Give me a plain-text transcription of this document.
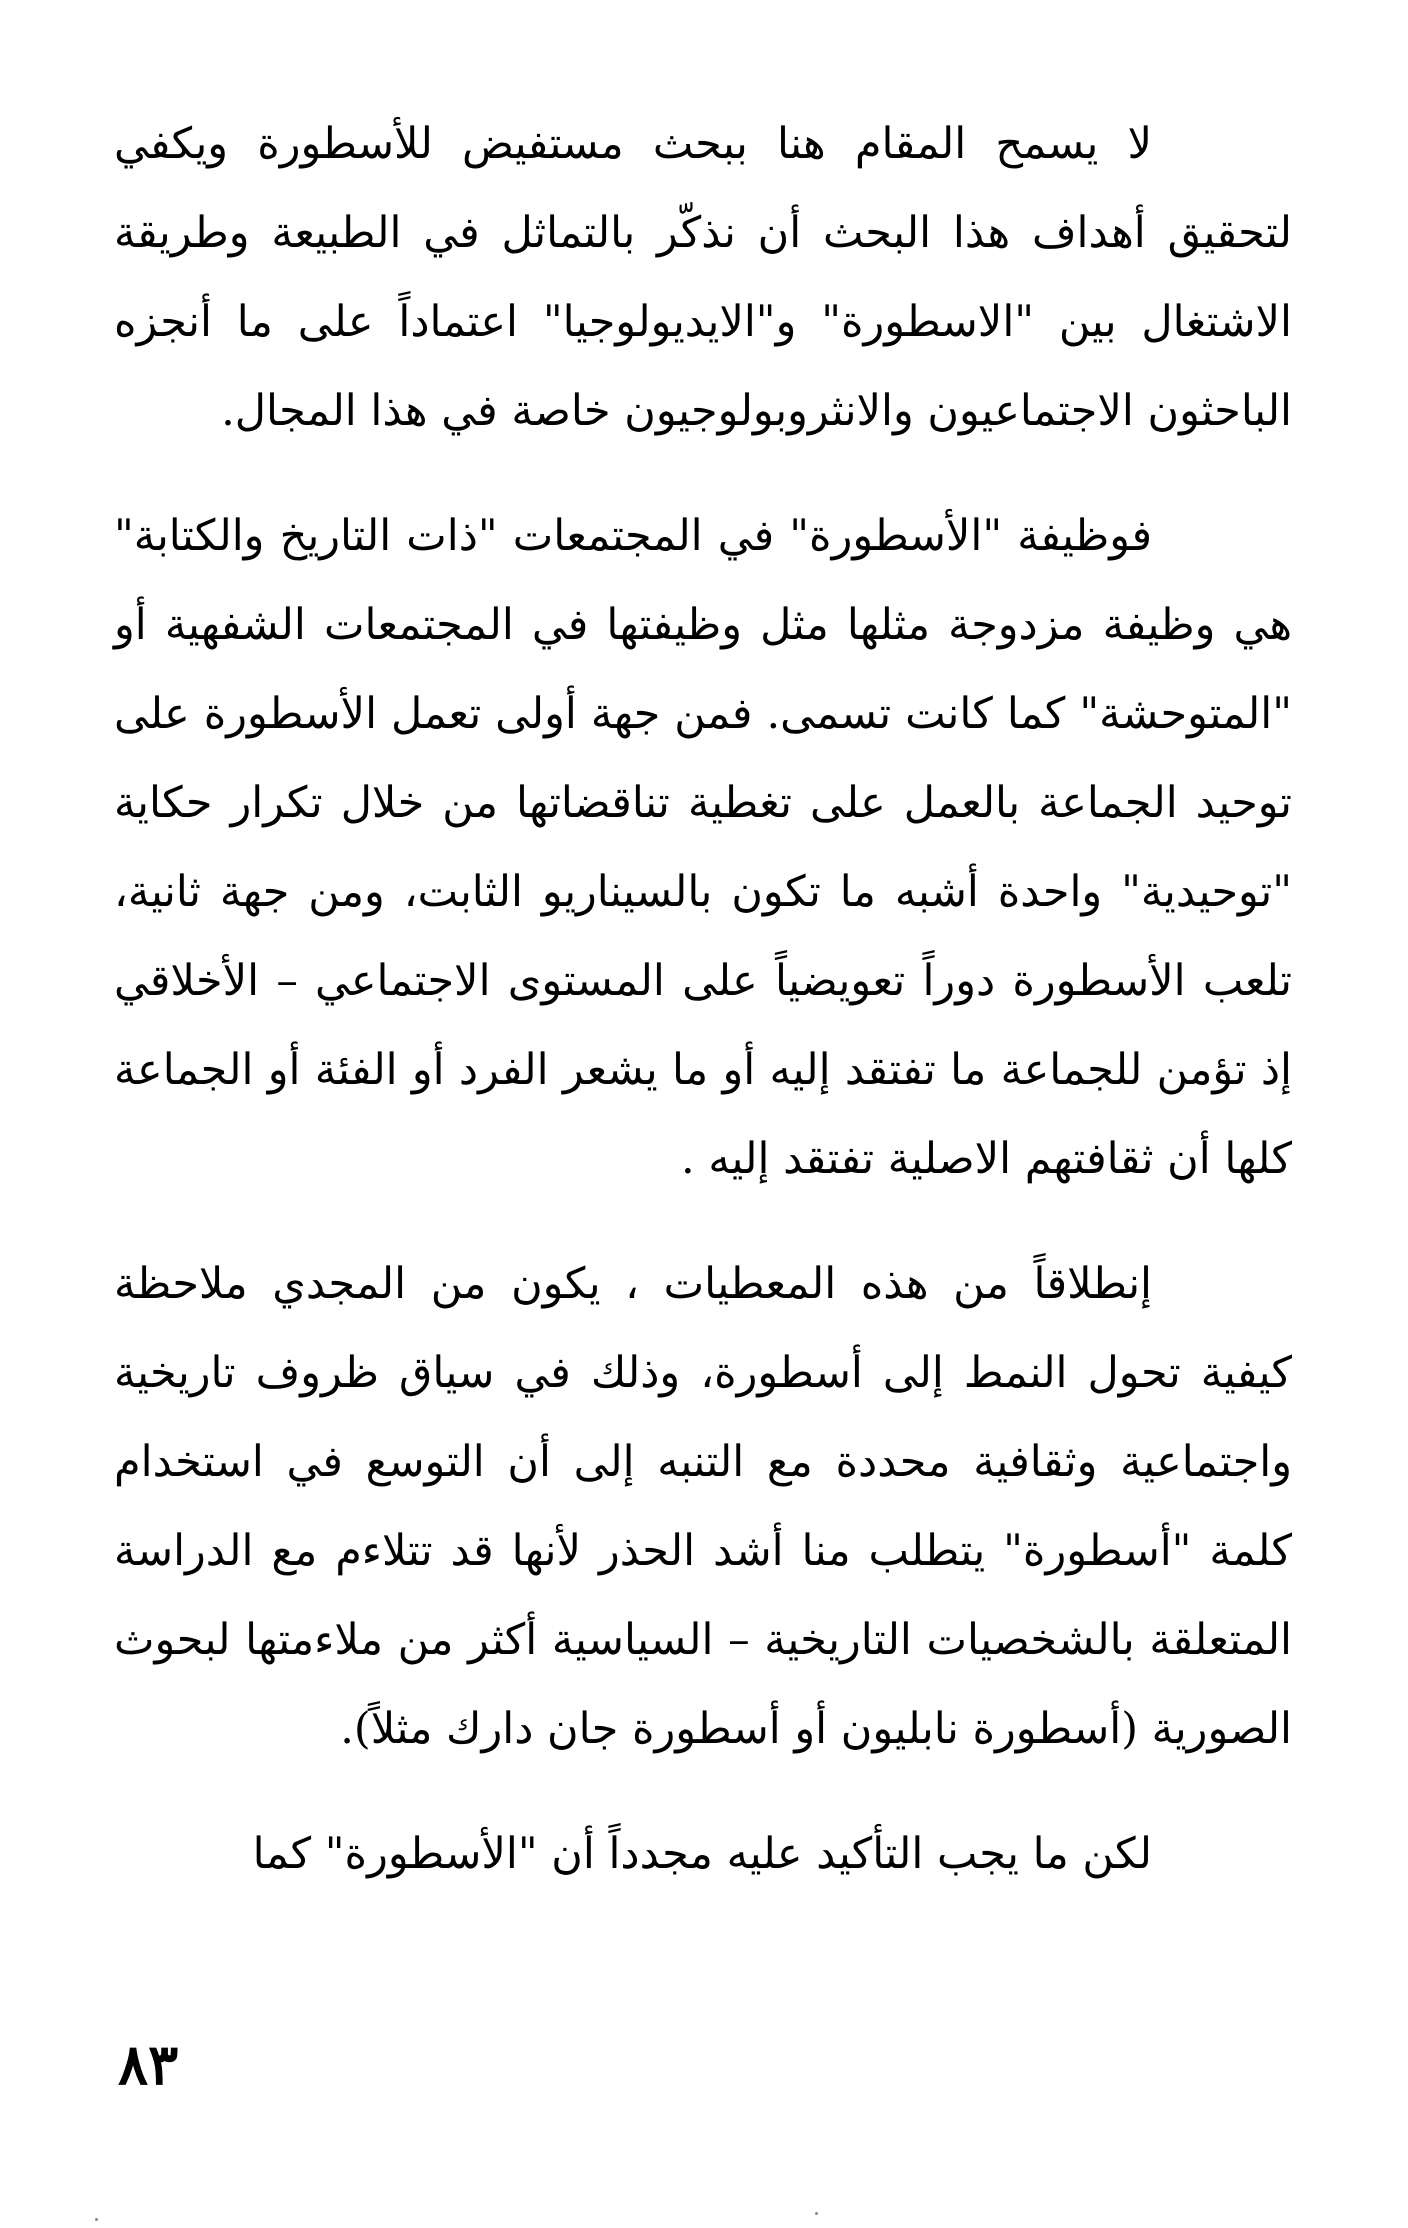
لا يسمح المقام هنا ببحث مستفيض للأسطورة ويكفي لتحقيق أهداف هذا البحث أن نذكّر بالتماثل في الطبيعة وطريقة الاشتغال بين "الاسطورة" و"الايديولوجيا" اعتماداً على ما أنجزه الباحثون الاجتماعيون والانثروبولوجيون خاصة في هذا المجال.

فوظيفة "الأسطورة" في المجتمعات "ذات التاريخ والكتابة" هي وظيفة مزدوجة مثلها مثل وظيفتها في المجتمعات الشفهية أو "المتوحشة" كما كانت تسمى. فمن جهة أولى تعمل الأسطورة على توحيد الجماعة بالعمل على تغطية تناقضاتها من خلال تكرار حكاية "توحيدية" واحدة أشبه ما تكون بالسيناريو الثابت، ومن جهة ثانية، تلعب الأسطورة دوراً تعويضياً على المستوى الاجتماعي – الأخلاقي إذ تؤمن للجماعة ما تفتقد إليه أو ما يشعر الفرد أو الفئة أو الجماعة كلها أن ثقافتهم الاصلية تفتقد إليه .

إنطلاقاً من هذه المعطيات ، يكون من المجدي ملاحظة كيفية تحول النمط إلى أسطورة، وذلك في سياق ظروف تاريخية واجتماعية وثقافية محددة مع التنبه إلى أن التوسع في استخدام كلمة "أسطورة" يتطلب منا أشد الحذر لأنها قد تتلاءم مع الدراسة المتعلقة بالشخصيات التاريخية – السياسية أكثر من ملاءمتها لبحوث الصورية (أسطورة نابليون أو أسطورة جان دارك مثلاً).

لكن ما يجب التأكيد عليه مجدداً أن "الأسطورة" كما

٨٣
